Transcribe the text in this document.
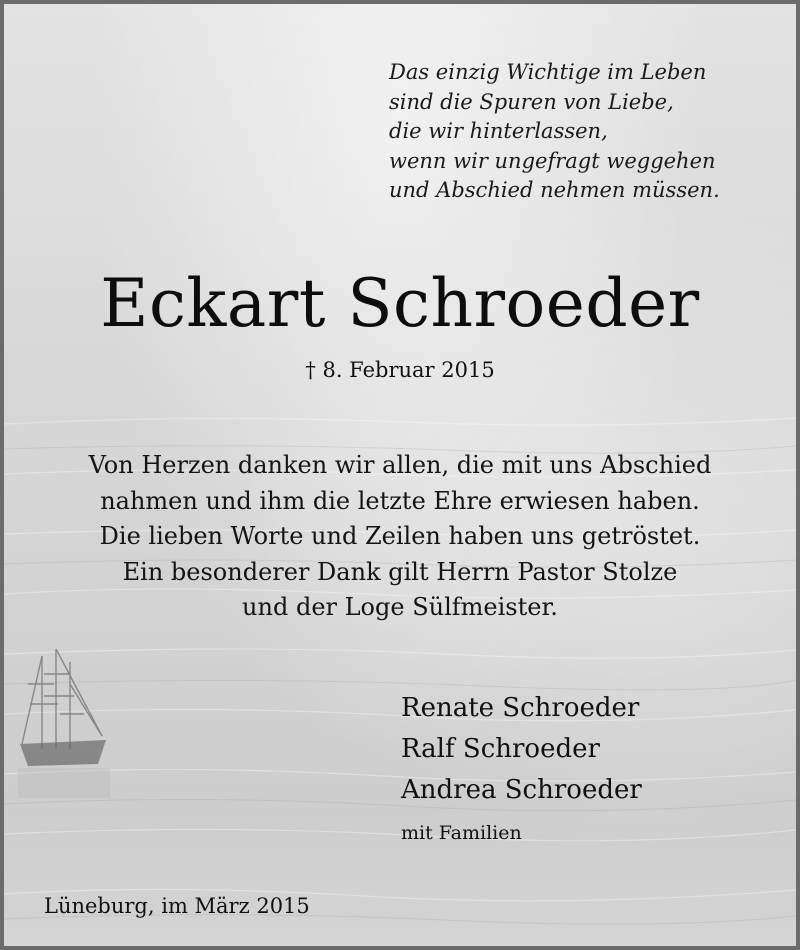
Das einzig Wichtige im Leben
sind die Spuren von Liebe,
die wir hinterlassen,
wenn wir ungefragt weggehen
und Abschied nehmen müssen.
Eckart Schroeder
† 8. Februar 2015
Von Herzen danken wir allen, die mit uns Abschied
nahmen und ihm die letzte Ehre erwiesen haben.
Die lieben Worte und Zeilen haben uns getröstet.
Ein besonderer Dank gilt Herrn Pastor Stolze
und der Loge Sülfmeister.
Renate Schroeder
Ralf Schroeder
Andrea Schroeder
mit Familien
Lüneburg, im März 2015
